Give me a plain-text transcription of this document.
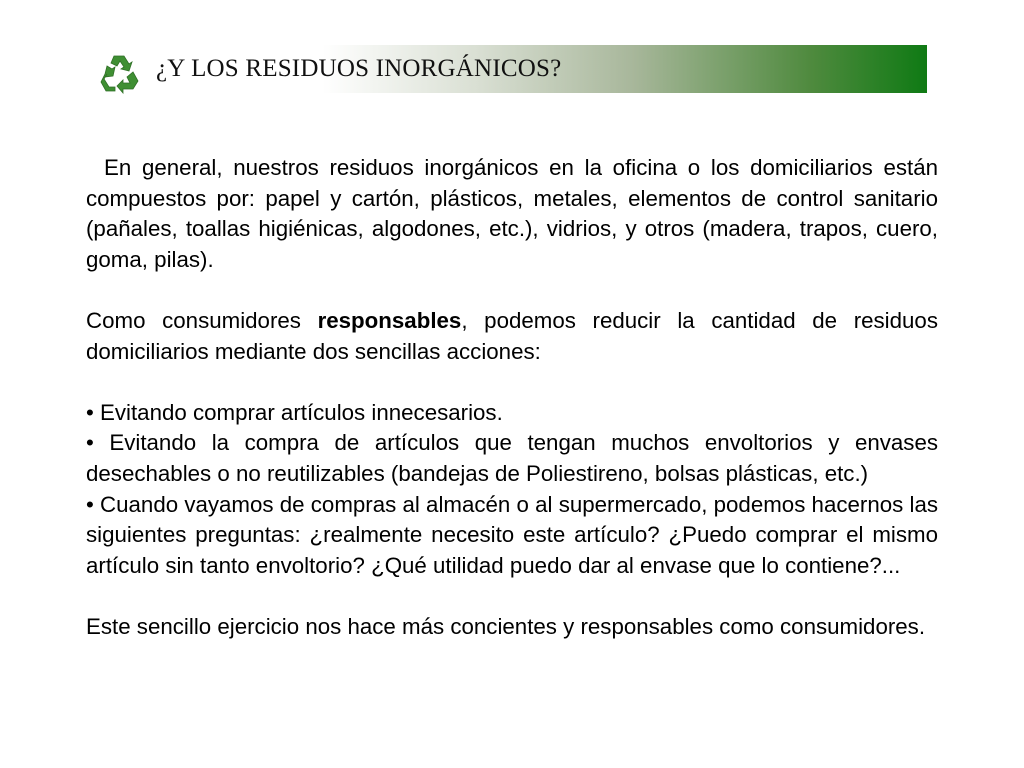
¿Y LOS RESIDUOS INORGÁNICOS?

En general, nuestros residuos inorgánicos en la oficina o los domiciliarios están compuestos por: papel y cartón, plásticos, metales, elementos de control sanitario (pañales, toallas higiénicas, algodones, etc.), vidrios, y otros (madera, trapos, cuero, goma, pilas).

Como consumidores responsables, podemos reducir la cantidad de residuos domiciliarios mediante dos sencillas acciones:

• Evitando comprar artículos innecesarios.

• Evitando la compra de artículos que tengan muchos envoltorios y envases desechables o no reutilizables (bandejas de Poliestireno, bolsas plásticas, etc.)

• Cuando vayamos de compras al almacén o al supermercado, podemos hacernos las siguientes preguntas: ¿realmente necesito este artículo? ¿Puedo comprar el mismo artículo sin tanto envoltorio? ¿Qué utilidad puedo dar al envase que lo contiene?...

Este sencillo ejercicio nos hace más concientes y responsables como consumidores.
